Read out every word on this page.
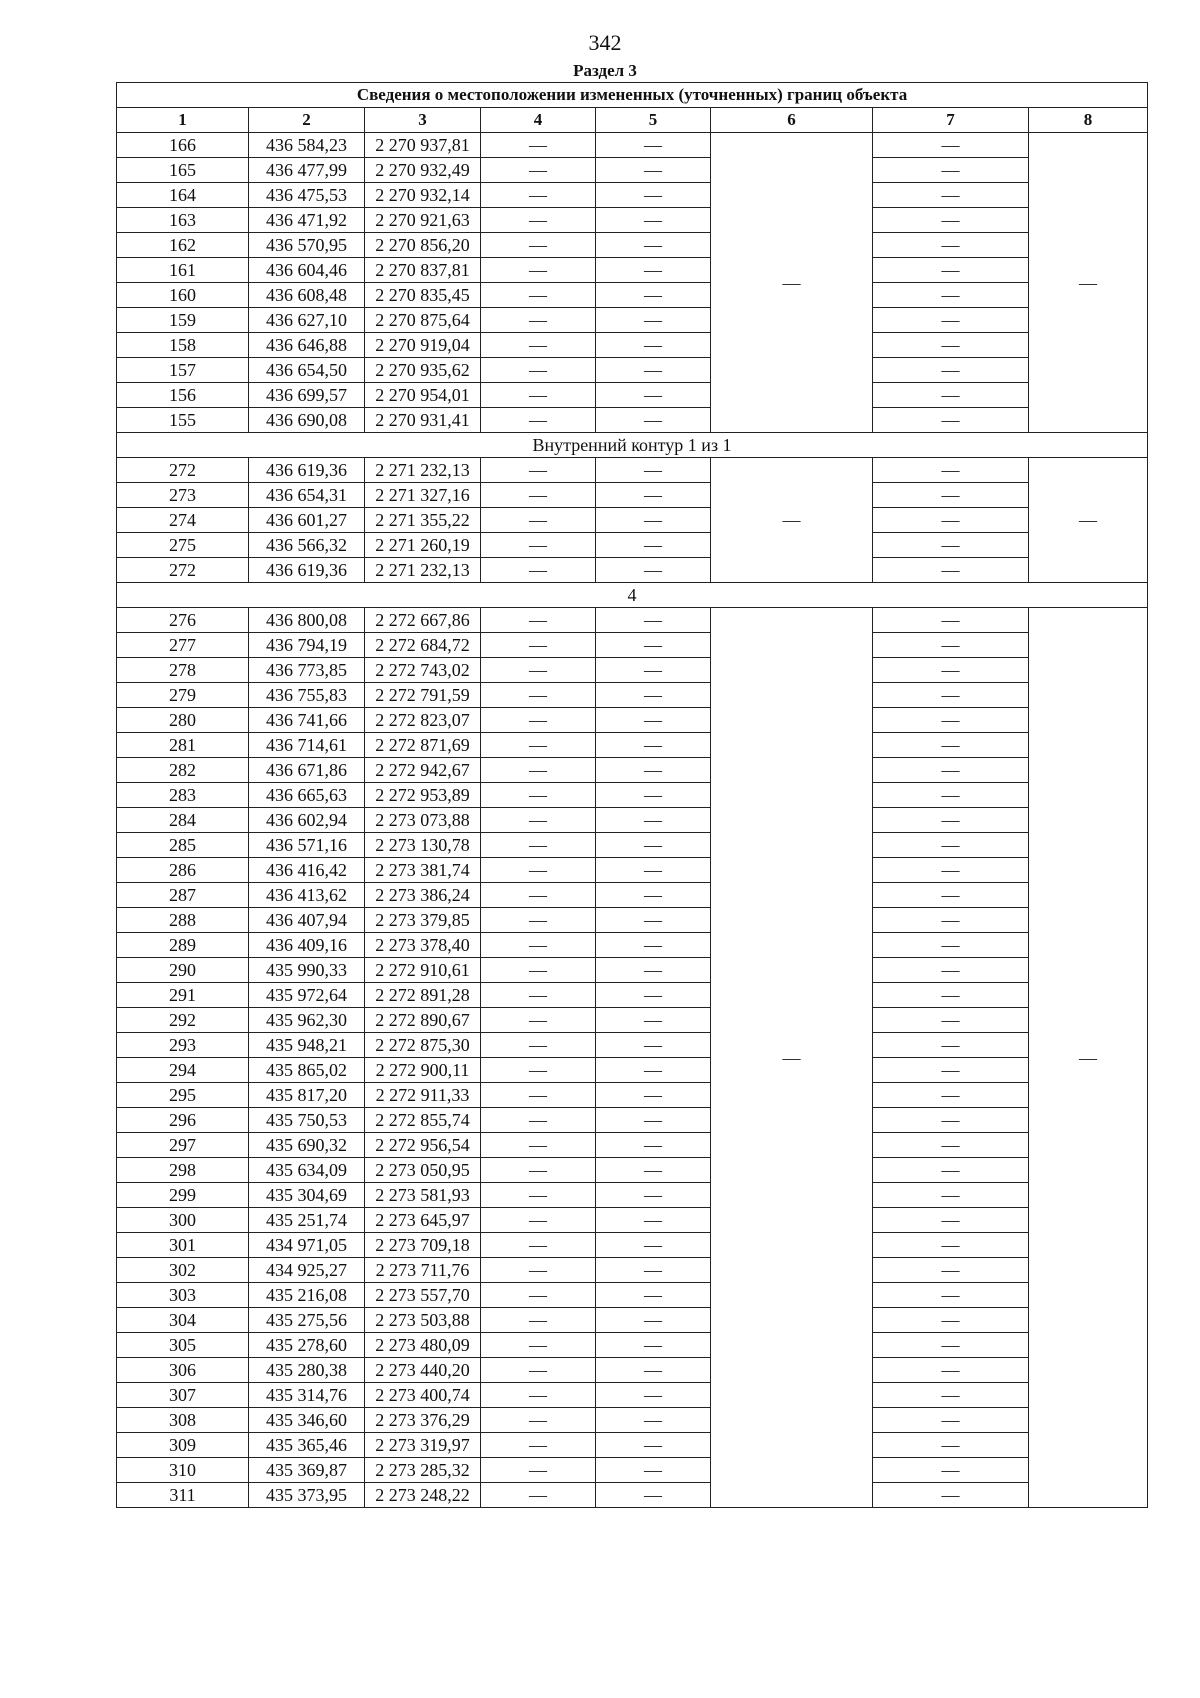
342
Раздел 3
Сведения о местоположении измененных (уточненных) границ объекта							
1	2	3	4	5	6	7	8
166	436 584,23	2 270 937,81	—	—	—	—	—
165	436 477,99	2 270 932,49	—	—		—	
164	436 475,53	2 270 932,14	—	—		—	
163	436 471,92	2 270 921,63	—	—		—	
162	436 570,95	2 270 856,20	—	—		—	
161	436 604,46	2 270 837,81	—	—		—	
160	436 608,48	2 270 835,45	—	—		—	
159	436 627,10	2 270 875,64	—	—		—	
158	436 646,88	2 270 919,04	—	—		—	
157	436 654,50	2 270 935,62	—	—		—	
156	436 699,57	2 270 954,01	—	—		—	
155	436 690,08	2 270 931,41	—	—		—	
Внутренний контур 1 из 1							
272	436 619,36	2 271 232,13	—	—	—	—	—
273	436 654,31	2 271 327,16	—	—		—	
274	436 601,27	2 271 355,22	—	—		—	
275	436 566,32	2 271 260,19	—	—		—	
272	436 619,36	2 271 232,13	—	—		—	
4							
276	436 800,08	2 272 667,86	—	—	—	—	—
277	436 794,19	2 272 684,72	—	—		—	
278	436 773,85	2 272 743,02	—	—		—	
279	436 755,83	2 272 791,59	—	—		—	
280	436 741,66	2 272 823,07	—	—		—	
281	436 714,61	2 272 871,69	—	—		—	
282	436 671,86	2 272 942,67	—	—		—	
283	436 665,63	2 272 953,89	—	—		—	
284	436 602,94	2 273 073,88	—	—		—	
285	436 571,16	2 273 130,78	—	—		—	
286	436 416,42	2 273 381,74	—	—		—	
287	436 413,62	2 273 386,24	—	—		—	
288	436 407,94	2 273 379,85	—	—		—	
289	436 409,16	2 273 378,40	—	—		—	
290	435 990,33	2 272 910,61	—	—		—	
291	435 972,64	2 272 891,28	—	—		—	
292	435 962,30	2 272 890,67	—	—		—	
293	435 948,21	2 272 875,30	—	—		—	
294	435 865,02	2 272 900,11	—	—		—	
295	435 817,20	2 272 911,33	—	—		—	
296	435 750,53	2 272 855,74	—	—		—	
297	435 690,32	2 272 956,54	—	—		—	
298	435 634,09	2 273 050,95	—	—		—	
299	435 304,69	2 273 581,93	—	—		—	
300	435 251,74	2 273 645,97	—	—		—	
301	434 971,05	2 273 709,18	—	—		—	
302	434 925,27	2 273 711,76	—	—		—	
303	435 216,08	2 273 557,70	—	—		—	
304	435 275,56	2 273 503,88	—	—		—	
305	435 278,60	2 273 480,09	—	—		—	
306	435 280,38	2 273 440,20	—	—		—	
307	435 314,76	2 273 400,74	—	—		—	
308	435 346,60	2 273 376,29	—	—		—	
309	435 365,46	2 273 319,97	—	—		—	
310	435 369,87	2 273 285,32	—	—		—	
311	435 373,95	2 273 248,22	—	—		—	
